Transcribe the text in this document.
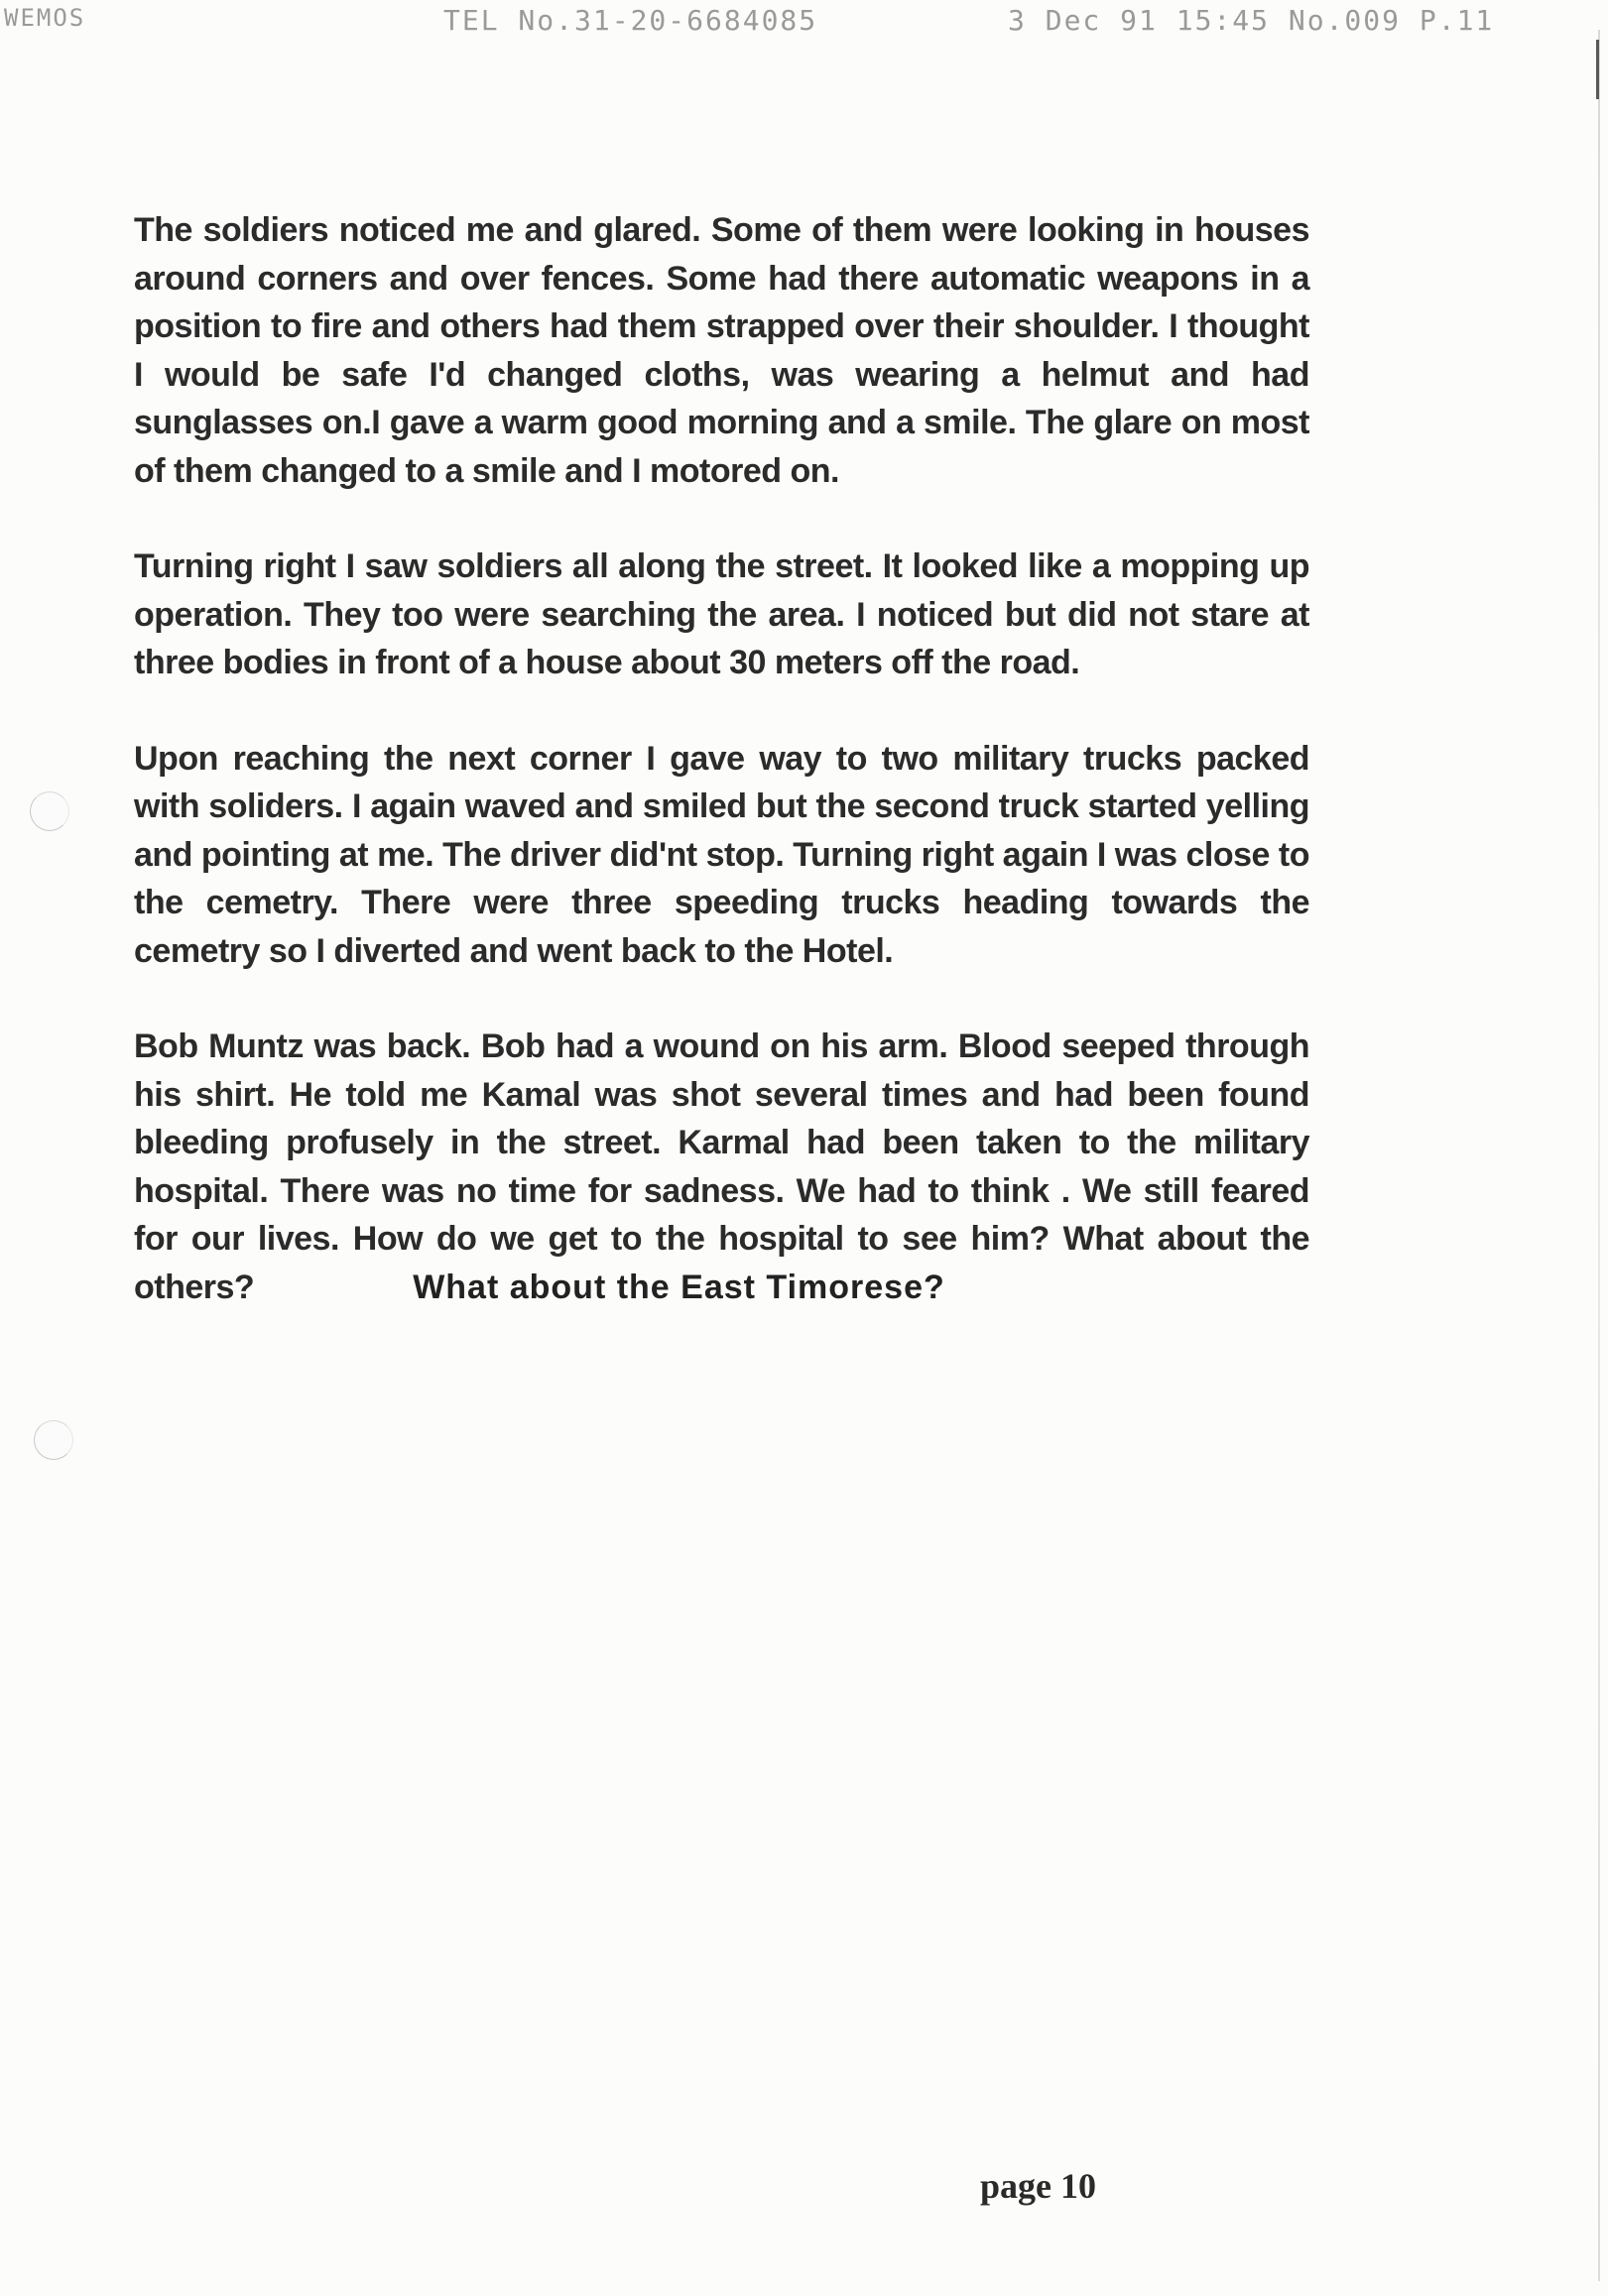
WEMOS	TEL No.31-20-6684085	3 Dec 91 15:45 No.009 P.11

The soldiers noticed me and glared. Some of them were looking in houses around corners and over fences. Some had there automatic weapons in a position to fire and others had them strapped over their shoulder. I thought I would be safe I'd changed cloths, was wearing a helmut and had sunglasses on.I gave a warm good morning and a smile. The glare on most of them changed to a smile and I motored on.

Turning right I saw soldiers all along the street. It looked like a mopping up operation. They too were searching the area. I noticed but did not stare at three bodies in front of a house about 30 meters off the road.

Upon reaching the next corner I gave way to two military trucks packed with soliders. I again waved and smiled but the second truck started yelling and pointing at me. The driver did'nt stop. Turning right again I was close to the cemetry. There were three speeding trucks heading towards the cemetry so I diverted and went back to the Hotel.

Bob Muntz was back. Bob had a wound on his arm. Blood seeped through his shirt. He told me Kamal was shot several times and had been found bleeding profusely in the street. Karmal had been taken to the military hospital. There was no time for sadness. We had to think . We still feared for our lives. How do we get to the hospital to see him? What about the others?	What about the East Timorese?

page 10
